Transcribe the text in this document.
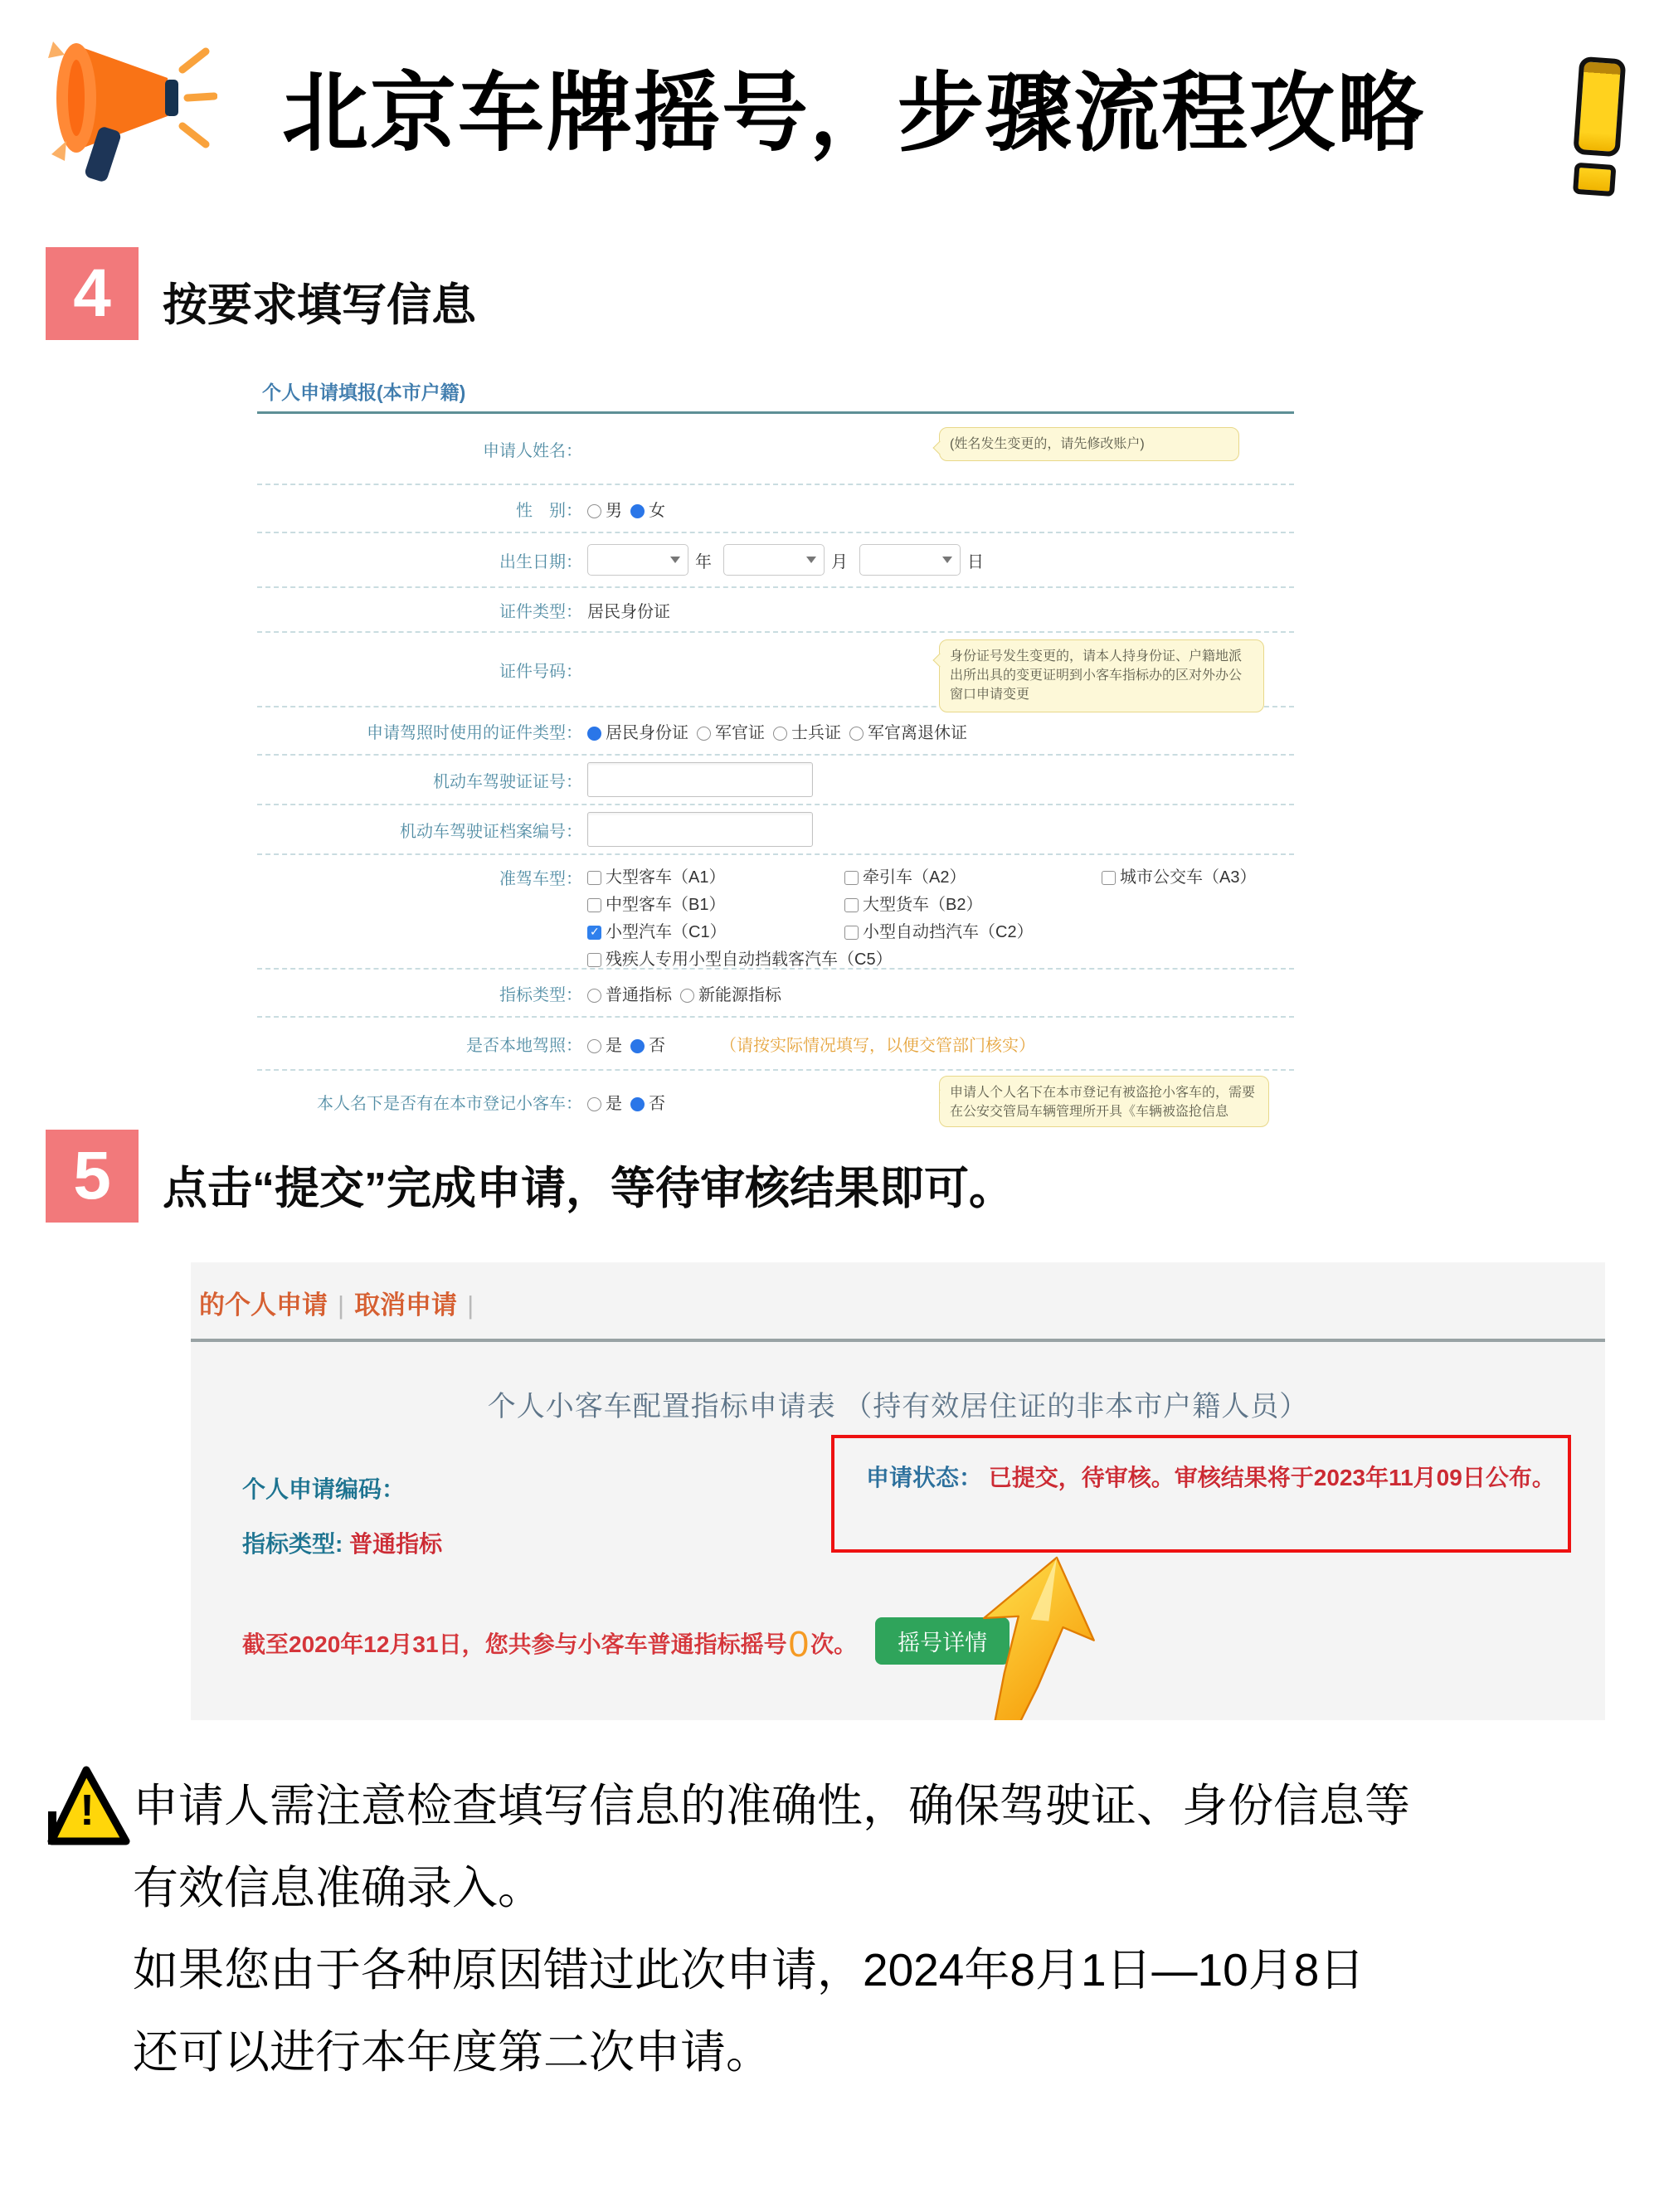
北京车牌摇号，步骤流程攻略
4	按要求填写信息
个人申请填报(本市户籍)
申请人姓名：	(姓名发生变更的，请先修改账户)
性　别：	男	女
出生日期：	年	月	日
证件类型： 居民身份证
证件号码：
身份证号发生变更的，请本人持身份证、户籍地派出所出具的变更证明到小客车指标办的区对外办公窗口申请变更
申请驾照时使用的证件类型：	居民身份证	军官证	士兵证	军官离退休证
机动车驾驶证证号：
机动车驾驶证档案编号：
准驾车型：	大型客车（A1）	牵引车（A2）	城市公交车（A3）
中型客车（B1）	大型货车（B2）
✓小型汽车（C1）	小型自动挡汽车（C2）
残疾人专用小型自动挡载客汽车（C5）
指标类型：	普通指标	新能源指标
是否本地驾照：	是	否	（请按实际情况填写，以便交管部门核实）
本人名下是否有在本市登记小客车：	是	否
申请人个人名下在本市登记有被盗抢小客车的，需要在公安交管局车辆管理所开具《车辆被盗抢信息
5	点击“提交”完成申请，等待审核结果即可。
的个人申请 | 取消申请 |
个人小客车配置指标申请表 （持有效居住证的非本市户籍人员）
个人申请编码：
指标类型: 普通指标
申请状态： 已提交，待审核。审核结果将于2023年11月09日公布。
截至2020年12月31日，您共参与小客车普通指标摇号0次。 摇号详情
! 申请人需注意检查填写信息的准确性，确保驾驶证、身份信息等
有效信息准确录入。
如果您由于各种原因错过此次申请，2024年8月1日—10月8日
还可以进行本年度第二次申请。
